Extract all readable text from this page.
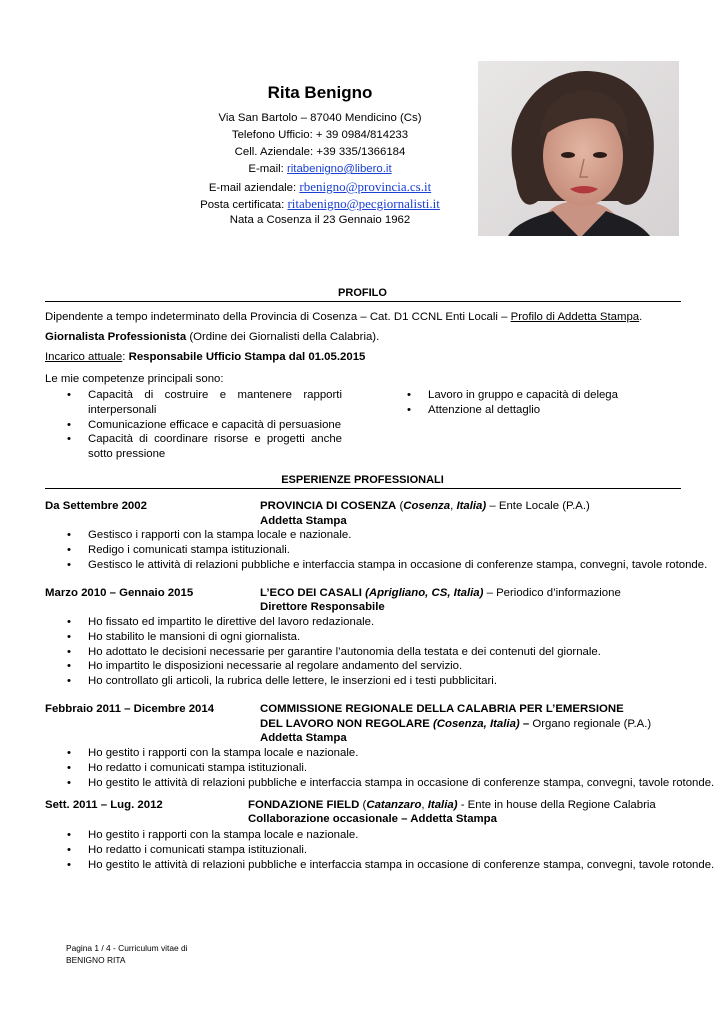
Rita Benigno
Via San Bartolo – 87040 Mendicino (Cs)
Telefono Ufficio: + 39 0984/814233
Cell. Aziendale: +39 335/1366184
E-mail: ritabenigno@libero.it
E-mail aziendale: rbenigno@provincia.cs.it
Posta certificata: ritabenigno@pecgiornalisti.it
Nata a Cosenza il 23 Gennaio 1962
PROFILO
Dipendente a tempo indeterminato della Provincia di Cosenza – Cat. D1 CCNL Enti Locali – Profilo di Addetta Stampa.
Giornalista Professionista (Ordine dei Giornalisti della Calabria).
Incarico attuale: Responsabile Ufficio Stampa dal 01.05.2015
Le mie competenze principali sono:
• Capacità di costruire e mantenere rapporti interpersonali
• Comunicazione efficace e capacità di persuasione
• Capacità di coordinare risorse e progetti anche sotto pressione
• Lavoro in gruppo e capacità di delega
• Attenzione al dettaglio
ESPERIENZE PROFESSIONALI
Da Settembre 2002	PROVINCIA DI COSENZA (Cosenza, Italia) – Ente Locale (P.A.)
Addetta Stampa
• Gestisco i rapporti con la stampa locale e nazionale.
• Redigo i comunicati stampa istituzionali.
• Gestisco le attività di relazioni pubbliche e interfaccia stampa in occasione di conferenze stampa, convegni, tavole rotonde.
Marzo 2010 – Gennaio 2015	L’ECO DEI CASALI (Aprigliano, CS, Italia) – Periodico d’informazione
Direttore Responsabile
• Ho fissato ed impartito le direttive del lavoro redazionale.
• Ho stabilito le mansioni di ogni giornalista.
• Ho adottato le decisioni necessarie per garantire l’autonomia della testata e dei contenuti del giornale.
• Ho impartito le disposizioni necessarie al regolare andamento del servizio.
• Ho controllato gli articoli, la rubrica delle lettere, le inserzioni ed i testi pubblicitari.
Febbraio 2011 – Dicembre 2014	COMMISSIONE REGIONALE DELLA CALABRIA PER L’EMERSIONE
DEL LAVORO NON REGOLARE (Cosenza, Italia) – Organo regionale (P.A.)
Addetta Stampa
• Ho gestito i rapporti con la stampa locale e nazionale.
• Ho redatto i comunicati stampa istituzionali.
• Ho gestito le attività di relazioni pubbliche e interfaccia stampa in occasione di conferenze stampa, convegni, tavole rotonde.
Sett. 2011 – Lug. 2012	FONDAZIONE FIELD (Catanzaro, Italia) - Ente in house della Regione Calabria
Collaborazione occasionale – Addetta Stampa
• Ho gestito i rapporti con la stampa locale e nazionale.
• Ho redatto i comunicati stampa istituzionali.
• Ho gestito le attività di relazioni pubbliche e interfaccia stampa in occasione di conferenze stampa, convegni, tavole rotonde.
Pagina 1 / 4 - Curriculum vitae di
BENIGNO RITA
